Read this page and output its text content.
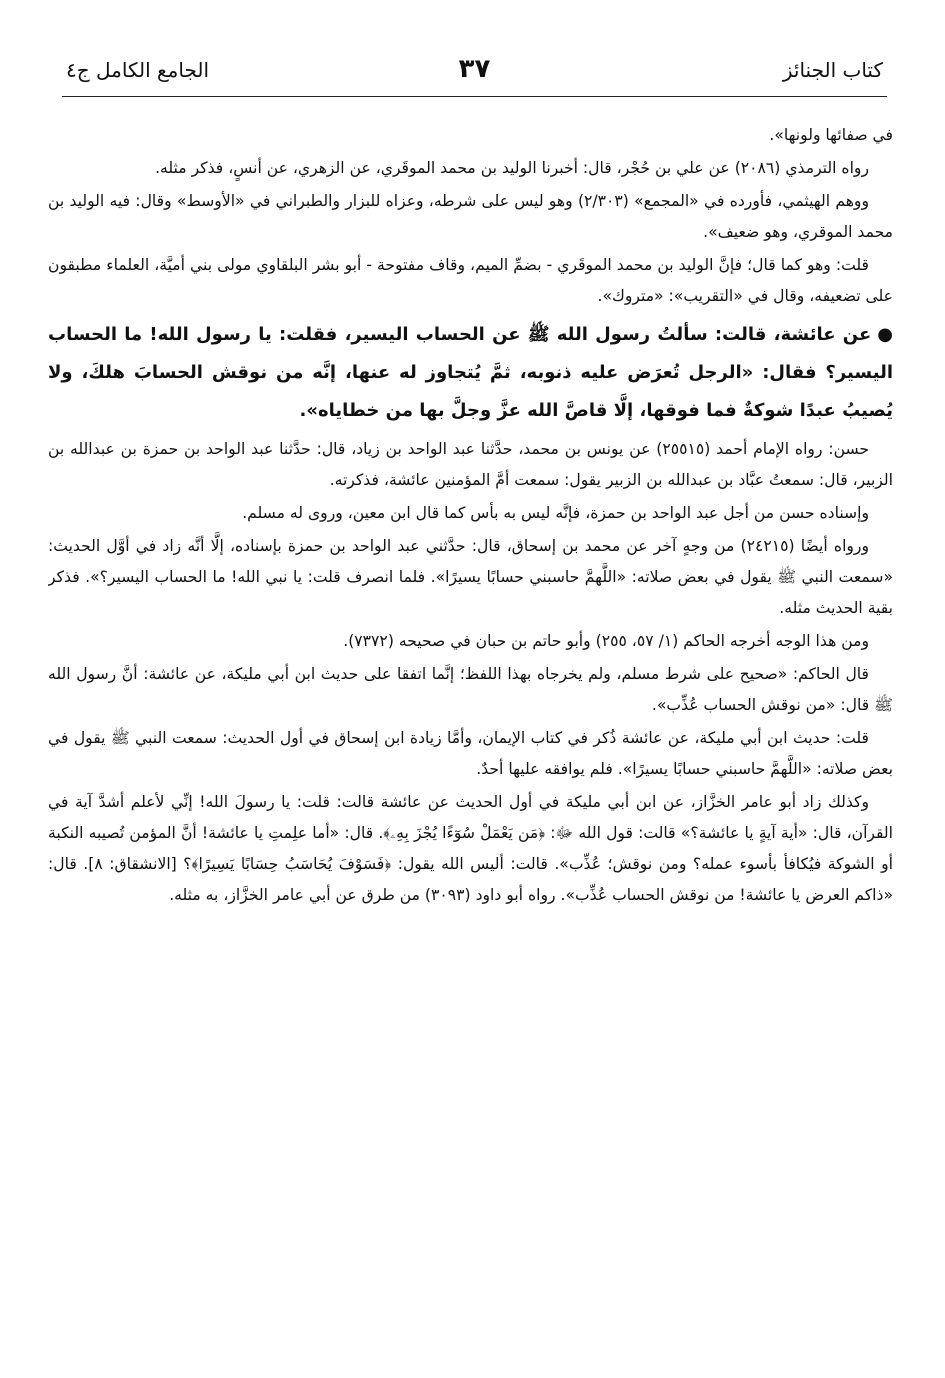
كتاب الجنائز
٣٧
الجامع الكامل ج٤

في صفائها ولونها».

رواه الترمذي (٢٠٨٦) عن علي بن حُجْر، قال: أخبرنا الوليد بن محمد الموقَري، عن الزهري، عن أنسٍ، فذكر مثله.

ووهم الهيثمي، فأورده في «المجمع» (٢/٣٠٣) وهو ليس على شرطه، وعزاه للبزار والطبراني في «الأوسط» وقال: فيه الوليد بن محمد الموقري، وهو ضعيف».

قلت: وهو كما قال؛ فإنَّ الوليد بن محمد الموقَري - بضمِّ الميم، وقاف مفتوحة - أبو بشر البلقاوي مولى بني أميَّة، العلماء مطبقون على تضعيفه، وقال في «التقريب»: «متروك».

●عن عائشة، قالت: سألتُ رسول الله ﷺ عن الحساب اليسير، فقلت: يا رسول الله! ما الحساب اليسير؟ فقال: «الرجل تُعرَض عليه ذنوبه، ثمَّ يُتجاوز له عنها، إنَّه من نوقش الحسابَ هلكَ، ولا يُصيبُ عبدًا شوكةٌ فما فوقها، إلَّا قاصَّ الله عزَّ وجلَّ بها من خطاياه».

حسن: رواه الإمام أحمد (٢٥٥١٥) عن يونس بن محمد، حدَّثنا عبد الواحد بن زياد، قال: حدَّثنا عبد الواحد بن حمزة بن عبدالله بن الزبير، قال: سمعتُ عبَّاد بن عبدالله بن الزبير يقول: سمعت أمَّ المؤمنين عائشة، فذكرته.

وإسناده حسن من أجل عبد الواحد بن حمزة، فإنَّه ليس به بأس كما قال ابن معين، وروى له مسلم.

ورواه أيضًا (٢٤٢١٥) من وجهٍ آخر عن محمد بن إسحاق، قال: حدَّثني عبد الواحد بن حمزة بإسناده، إلَّا أنَّه زاد في أوَّل الحديث: «سمعت النبي ﷺ يقول في بعض صلاته: «اللَّهمَّ حاسبني حسابًا يسيرًا». فلما انصرف قلت: يا نبي الله! ما الحساب اليسير؟». فذكر بقية الحديث مثله.

ومن هذا الوجه أخرجه الحاكم (١/ ٥٧، ٢٥٥) وأبو حاتم بن حبان في صحيحه (٧٣٧٢).

قال الحاكم: «صحيح على شرط مسلم، ولم يخرجاه بهذا اللفظ؛ إنَّما اتفقا على حديث ابن أبي مليكة، عن عائشة: أنَّ رسول الله ﷺ قال: «من نوقش الحساب عُذِّب».

قلت: حديث ابن أبي مليكة، عن عائشة ذُكر في كتاب الإيمان، وأمَّا زيادة ابن إسحاق في أول الحديث: سمعت النبي ﷺ يقول في بعض صلاته: «اللَّهمَّ حاسبني حسابًا يسيرًا». فلم يوافقه عليها أحدٌ.

وكذلك زاد أبو عامر الخزَّاز، عن ابن أبي مليكة في أول الحديث عن عائشة قالت: قلت: يا رسولَ الله! إنِّي لأعلم أشدَّ آية في القرآن، قال: «أية آيةٍ يا عائشة؟» قالت: قول الله ﷻ: ﴿مَن يَعْمَلْ سُوٓءًا يُجْزَ بِهِۦ﴾. قال: «أما علِمتِ يا عائشة! أنَّ المؤمن تُصيبه النكبة أو الشوكة فيُكافأ بأسوء عمله؟ ومن نوقش؛ عُذِّب». قالت: أليس الله يقول: ﴿فَسَوْفَ يُحَاسَبُ حِسَابًا يَسِيرًا﴾؟ [الانشقاق: ٨]. قال: «ذاكم العرض يا عائشة! من نوقش الحساب عُذِّب». رواه أبو داود (٣٠٩٣) من طرق عن أبي عامر الخزَّاز، به مثله.
